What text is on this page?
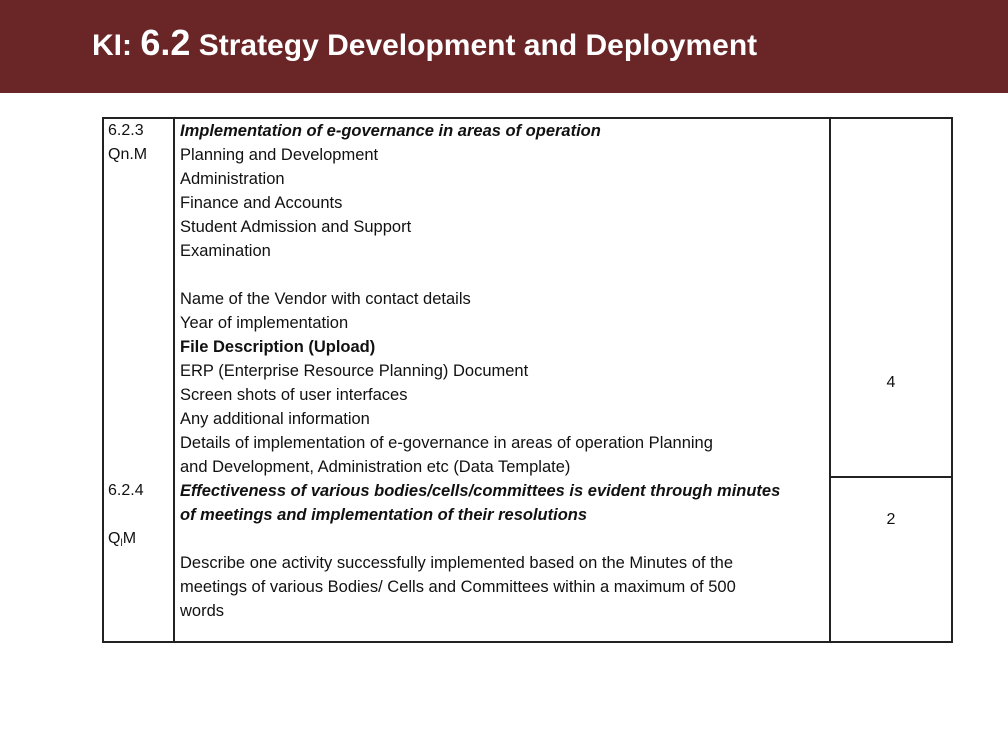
KI: 6.2 Strategy Development and Deployment
6.2.3
Qn.M
Implementation of e-governance in areas of operation
Planning and Development
Administration
Finance and Accounts
Student Admission and Support
Examination
Name of the Vendor with contact details
Year of implementation
File Description (Upload)
ERP (Enterprise Resource Planning) Document
Screen shots of user interfaces
Any additional information
Details of implementation of e-governance in areas of operation Planning
and Development, Administration etc (Data Template)
6.2.4
$Q_lM$
Effectiveness of various bodies/cells/committees is evident through minutes
of meetings and implementation of their resolutions
Describe one activity successfully implemented based on the Minutes of the
meetings of various Bodies/ Cells and Committees within a maximum of 500
words
4
2
